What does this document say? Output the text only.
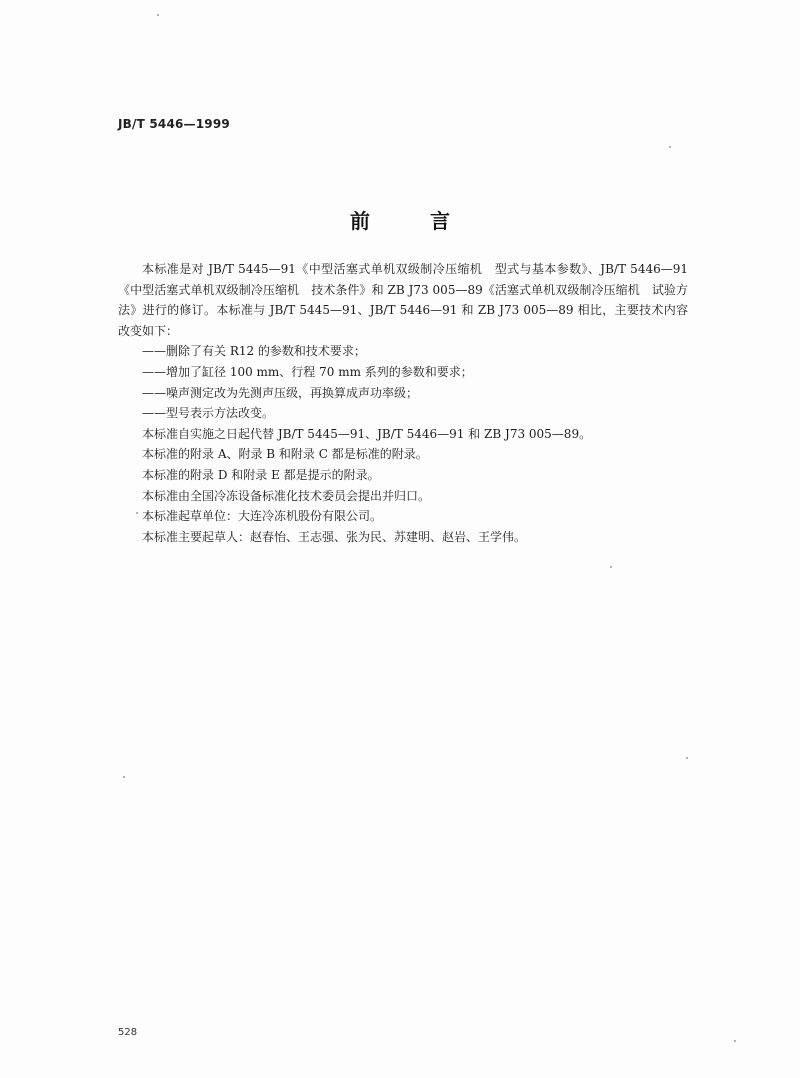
JB/T 5446—1999
前	言

本标准是对 JB/T 5445—91《中型活塞式单机双级制冷压缩机　型式与基本参数》、JB/T 5446—91《中型活塞式单机双级制冷压缩机　技术条件》和 ZB J73 005—89《活塞式单机双级制冷压缩机　试验方法》进行的修订。本标准与 JB/T 5445—91、JB/T 5446—91 和 ZB J73 005—89 相比，主要技术内容改变如下：

——删除了有关 R12 的参数和技术要求；

——增加了缸径 100 mm、行程 70 mm 系列的参数和要求；

——噪声测定改为先测声压级，再换算成声功率级；

——型号表示方法改变。

本标准自实施之日起代替 JB/T 5445—91、JB/T 5446—91 和 ZB J73 005—89。

本标准的附录 A、附录 B 和附录 C 都是标准的附录。

本标准的附录 D 和附录 E 都是提示的附录。

本标准由全国冷冻设备标准化技术委员会提出并归口。

本标准起草单位：大连冷冻机股份有限公司。

本标准主要起草人：赵春怡、王志强、张为民、苏建明、赵岩、王学伟。

528
